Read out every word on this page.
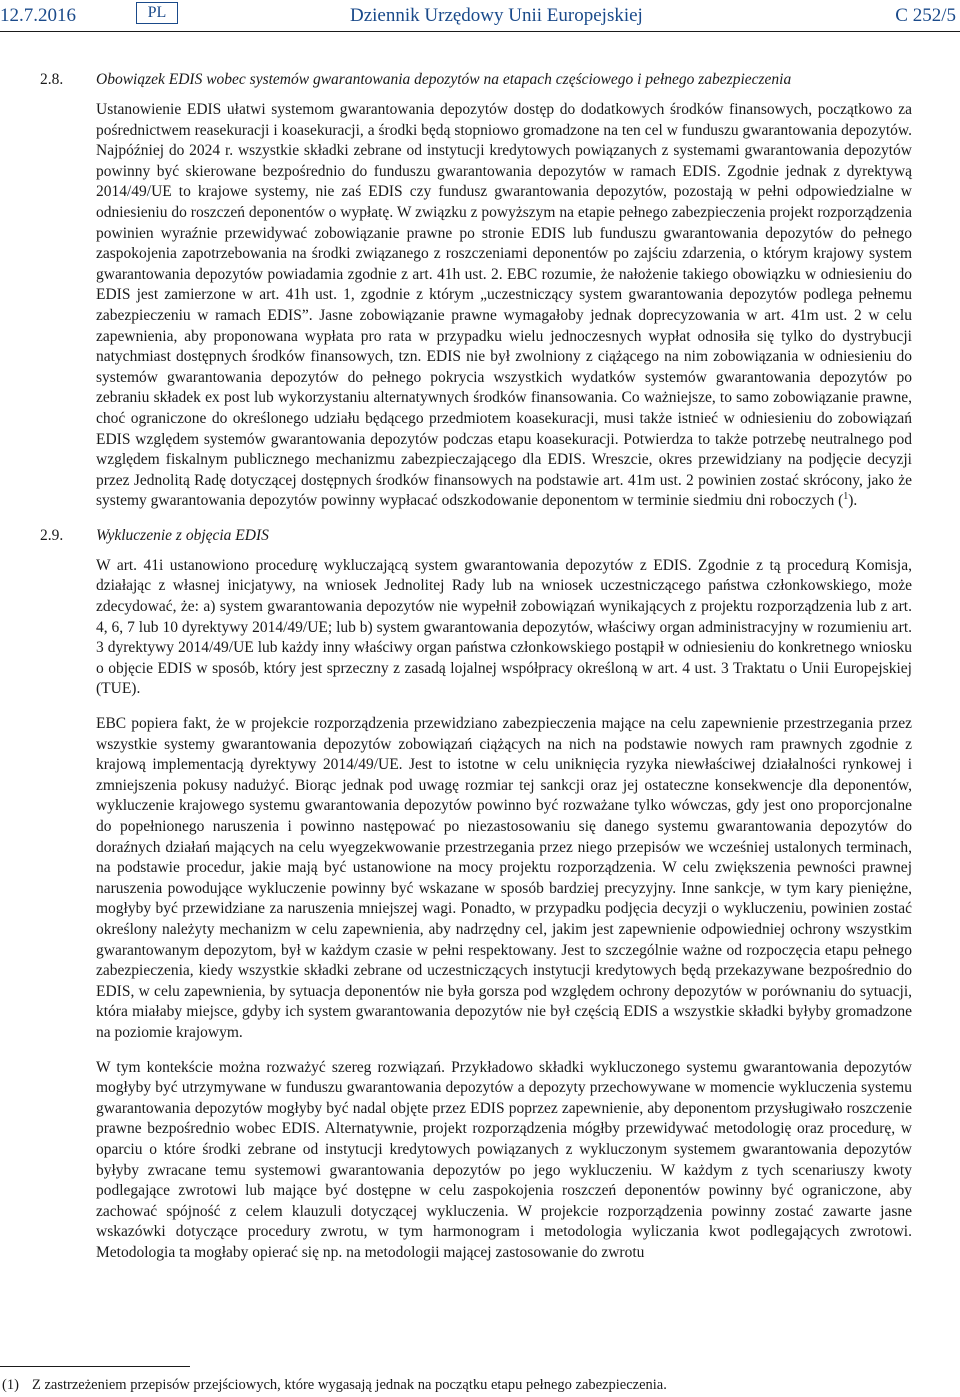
12.7.2016	PL	Dziennik Urzędowy Unii Europejskiej	C 252/5
2.8. Obowiązek EDIS wobec systemów gwarantowania depozytów na etapach częściowego i pełnego zabezpieczenia

Ustanowienie EDIS ułatwi systemom gwarantowania depozytów dostęp do dodatkowych środków finansowych, początkowo za pośrednictwem reasekuracji i koasekuracji, a środki będą stopniowo gromadzone na ten cel w funduszu gwarantowania depozytów. Najpóźniej do 2024 r. wszystkie składki zebrane od instytucji kredytowych powiązanych z systemami gwarantowania depozytów powinny być skierowane bezpośrednio do funduszu gwarantowania depozytów w ramach EDIS. Zgodnie jednak z dyrektywą 2014/49/UE to krajowe systemy, nie zaś EDIS czy fundusz gwarantowania depozytów, pozostają w pełni odpowiedzialne w odniesieniu do roszczeń deponentów o wypłatę. W związku z powyższym na etapie pełnego zabezpieczenia projekt rozporządzenia powinien wyraźnie przewidywać zobowiązanie prawne po stronie EDIS lub funduszu gwarantowania depozytów do pełnego zaspokojenia zapotrzebowania na środki związanego z roszczeniami deponentów po zajściu zdarzenia, o którym krajowy system gwarantowania depozytów powiadamia zgodnie z art. 41h ust. 2. EBC rozumie, że nałożenie takiego obowiązku w odniesieniu do EDIS jest zamierzone w art. 41h ust. 1, zgodnie z którym „uczestniczący system gwarantowania depozytów podlega pełnemu zabezpieczeniu w ramach EDIS”. Jasne zobowiązanie prawne wymagałoby jednak doprecyzowania w art. 41m ust. 2 w celu zapewnienia, aby proponowana wypłata pro rata w przypadku wielu jednoczesnych wypłat odnosiła się tylko do dystrybucji natychmiast dostępnych środków finansowych, tzn. EDIS nie był zwolniony z ciążącego na nim zobowiązania w odniesieniu do systemów gwarantowania depozytów do pełnego pokrycia wszystkich wydatków systemów gwarantowania depozytów po zebraniu składek ex post lub wykorzystaniu alternatywnych środków finansowania. Co ważniejsze, to samo zobowiązanie prawne, choć ograniczone do określonego udziału będącego przedmiotem koasekuracji, musi także istnieć w odniesieniu do zobowiązań EDIS względem systemów gwarantowania depozytów podczas etapu koasekuracji. Potwierdza to także potrzebę neutralnego pod względem fiskalnym publicznego mechanizmu zabezpieczającego dla EDIS. Wreszcie, okres przewidziany na podjęcie decyzji przez Jednolitą Radę dotyczącej dostępnych środków finansowych na podstawie art. 41m ust. 2 powinien zostać skrócony, jako że systemy gwarantowania depozytów powinny wypłacać odszkodowanie deponentom w terminie siedmiu dni roboczych ($^1$).

2.9. Wykluczenie z objęcia EDIS

W art. 41i ustanowiono procedurę wykluczającą system gwarantowania depozytów z EDIS. Zgodnie z tą procedurą Komisja, działając z własnej inicjatywy, na wniosek Jednolitej Rady lub na wniosek uczestniczącego państwa członkowskiego, może zdecydować, że: a) system gwarantowania depozytów nie wypełnił zobowiązań wynikających z projektu rozporządzenia lub z art. 4, 6, 7 lub 10 dyrektywy 2014/49/UE; lub b) system gwarantowania depozytów, właściwy organ administracyjny w rozumieniu art. 3 dyrektywy 2014/49/UE lub każdy inny właściwy organ państwa członkowskiego postąpił w odniesieniu do konkretnego wniosku o objęcie EDIS w sposób, który jest sprzeczny z zasadą lojalnej współpracy określoną w art. 4 ust. 3 Traktatu o Unii Europejskiej (TUE).

EBC popiera fakt, że w projekcie rozporządzenia przewidziano zabezpieczenia mające na celu zapewnienie przestrzegania przez wszystkie systemy gwarantowania depozytów zobowiązań ciążących na nich na podstawie nowych ram prawnych zgodnie z krajową implementacją dyrektywy 2014/49/UE. Jest to istotne w celu uniknięcia ryzyka niewłaściwej działalności rynkowej i zmniejszenia pokusy nadużyć. Biorąc jednak pod uwagę rozmiar tej sankcji oraz jej ostateczne konsekwencje dla deponentów, wykluczenie krajowego systemu gwarantowania depozytów powinno być rozważane tylko wówczas, gdy jest ono proporcjonalne do popełnionego naruszenia i powinno następować po niezastosowaniu się danego systemu gwarantowania depozytów do doraźnych działań mających na celu wyegzekwowanie przestrzegania przez niego przepisów we wcześniej ustalonych terminach, na podstawie procedur, jakie mają być ustanowione na mocy projektu rozporządzenia. W celu zwiększenia pewności prawnej naruszenia powodujące wykluczenie powinny być wskazane w sposób bardziej precyzyjny. Inne sankcje, w tym kary pieniężne, mogłyby być przewidziane za naruszenia mniejszej wagi. Ponadto, w przypadku podjęcia decyzji o wykluczeniu, powinien zostać określony należyty mechanizm w celu zapewnienia, aby nadrzędny cel, jakim jest zapewnienie odpowiedniej ochrony wszystkim gwarantowanym depozytom, był w każdym czasie w pełni respektowany. Jest to szczególnie ważne od rozpoczęcia etapu pełnego zabezpieczenia, kiedy wszystkie składki zebrane od uczestniczących instytucji kredytowych będą przekazywane bezpośrednio do EDIS, w celu zapewnienia, by sytuacja deponentów nie była gorsza pod względem ochrony depozytów w porównaniu do sytuacji, która miałaby miejsce, gdyby ich system gwarantowania depozytów nie był częścią EDIS a wszystkie składki byłyby gromadzone na poziomie krajowym.

W tym kontekście można rozważyć szereg rozwiązań. Przykładowo składki wykluczonego systemu gwarantowania depozytów mogłyby być utrzymywane w funduszu gwarantowania depozytów a depozyty przechowywane w momencie wykluczenia systemu gwarantowania depozytów mogłyby być nadal objęte przez EDIS poprzez zapewnienie, aby deponentom przysługiwało roszczenie prawne bezpośrednio wobec EDIS. Alternatywnie, projekt rozporządzenia mógłby przewidywać metodologię oraz procedurę, w oparciu o które środki zebrane od instytucji kredytowych powiązanych z wykluczonym systemem gwarantowania depozytów byłyby zwracane temu systemowi gwarantowania depozytów po jego wykluczeniu. W każdym z tych scenariuszy kwoty podlegające zwrotowi lub mające być dostępne w celu zaspokojenia roszczeń deponentów powinny być ograniczone, aby zachować spójność z celem klauzuli dotyczącej wykluczenia. W projekcie rozporządzenia powinny zostać zawarte jasne wskazówki dotyczące procedury zwrotu, w tym harmonogram i metodologia wyliczania kwot podlegających zwrotowi. Metodologia ta mogłaby opierać się np. na metodologii mającej zastosowanie do zwrotu

(1) Z zastrzeżeniem przepisów przejściowych, które wygasają jednak na początku etapu pełnego zabezpieczenia.
